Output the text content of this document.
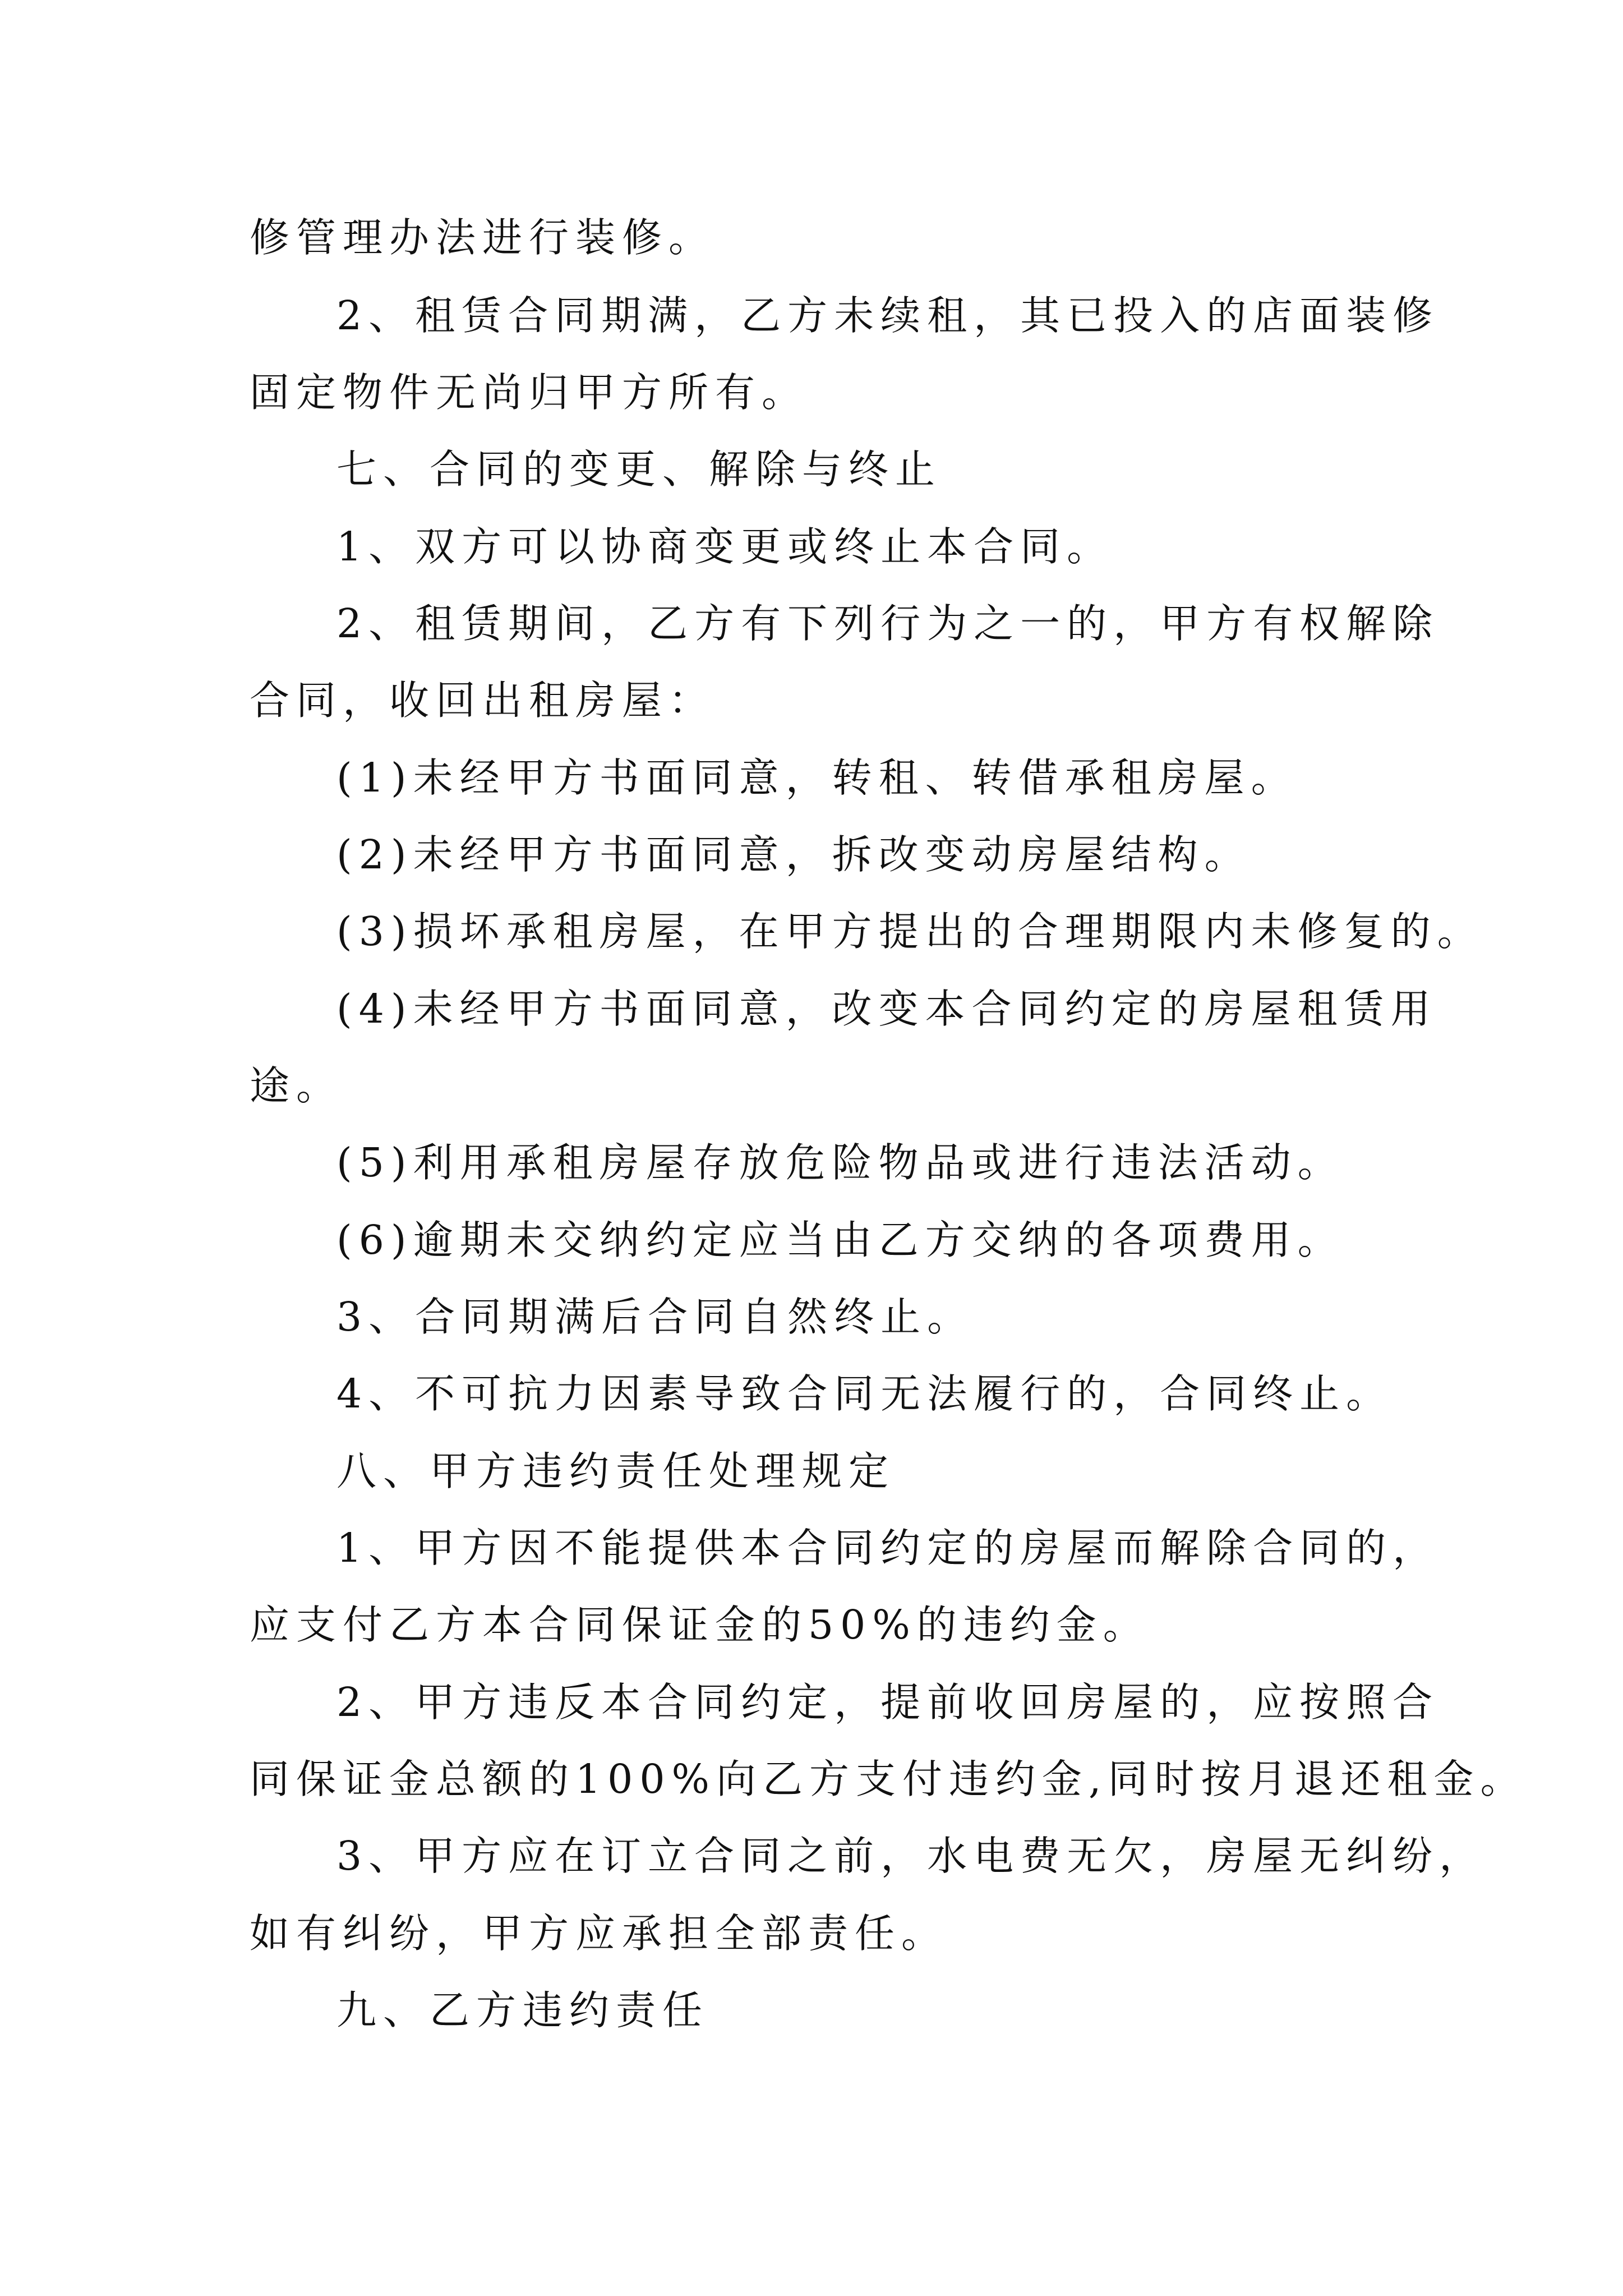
修管理办法进行装修。

2、租赁合同期满，乙方未续租，其已投入的店面装修

固定物件无尚归甲方所有。

七、合同的变更、解除与终止

1、双方可以协商变更或终止本合同。

2、租赁期间，乙方有下列行为之一的，甲方有权解除

合同，收回出租房屋：

(1)未经甲方书面同意，转租、转借承租房屋。

(2)未经甲方书面同意，拆改变动房屋结构。

(3)损坏承租房屋，在甲方提出的合理期限内未修复的。

(4)未经甲方书面同意，改变本合同约定的房屋租赁用

途。

(5)利用承租房屋存放危险物品或进行违法活动。

(6)逾期未交纳约定应当由乙方交纳的各项费用。

3、合同期满后合同自然终止。

4、不可抗力因素导致合同无法履行的，合同终止。

八、甲方违约责任处理规定

1、甲方因不能提供本合同约定的房屋而解除合同的，

应支付乙方本合同保证金的50%的违约金。

2、甲方违反本合同约定，提前收回房屋的，应按照合

同保证金总额的100%向乙方支付违约金,同时按月退还租金。

3、甲方应在订立合同之前，水电费无欠，房屋无纠纷，

如有纠纷，甲方应承担全部责任。

九、乙方违约责任
